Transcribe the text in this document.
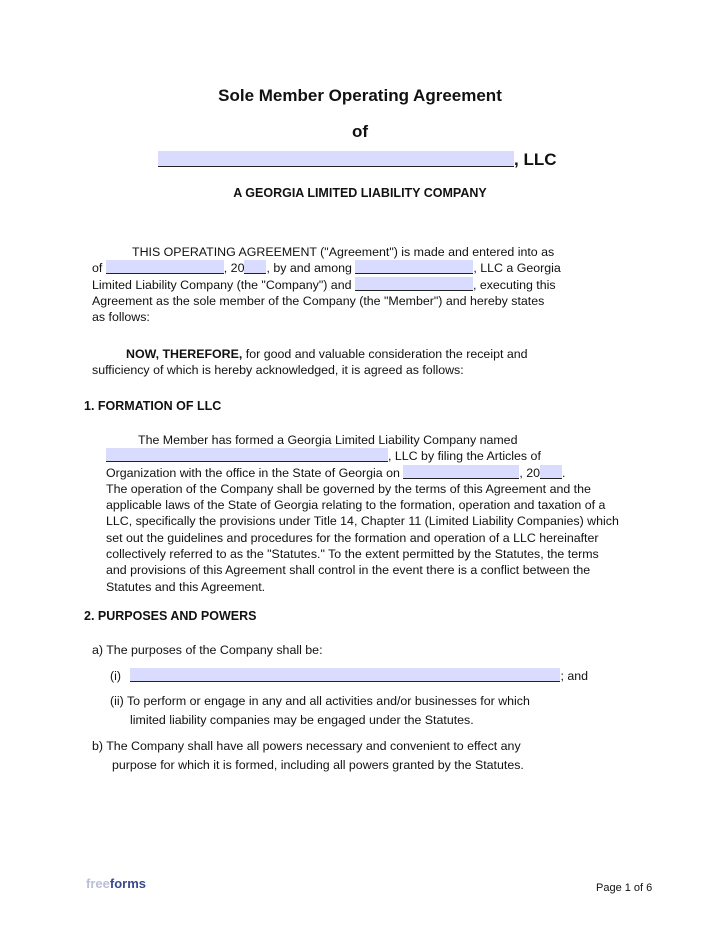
Sole Member Operating Agreement
of
, LLC
A GEORGIA LIMITED LIABILITY COMPANY
THIS OPERATING AGREEMENT ("Agreement") is made and entered into as
of	, 20 , by and among	, LLC a Georgia
Limited Liability Company (the "Company") and	, executing this
Agreement as the sole member of the Company (the "Member") and hereby states
as follows:
NOW, THEREFORE, for good and valuable consideration the receipt and
sufficiency of which is hereby acknowledged, it is agreed as follows:
1. FORMATION OF LLC
The Member has formed a Georgia Limited Liability Company named
, LLC by filing the Articles of
Organization with the office in the State of Georgia on	, 20 .
The operation of the Company shall be governed by the terms of this Agreement and the applicable laws of the State of Georgia relating to the formation, operation and taxation of a LLC, specifically the provisions under Title 14, Chapter 11 (Limited Liability Companies) which set out the guidelines and procedures for the formation and operation of a LLC hereinafter collectively referred to as the "Statutes." To the extent permitted by the Statutes, the terms and provisions of this Agreement shall control in the event there is a conflict between the Statutes and this Agreement.
2. PURPOSES AND POWERS
a) The purposes of the Company shall be:
(i)	; and
(ii) To perform or engage in any and all activities and/or businesses for which
limited liability companies may be engaged under the Statutes.
b) The Company shall have all powers necessary and convenient to effect any
purpose for which it is formed, including all powers granted by the Statutes.
freeforms	Page 1 of 6
